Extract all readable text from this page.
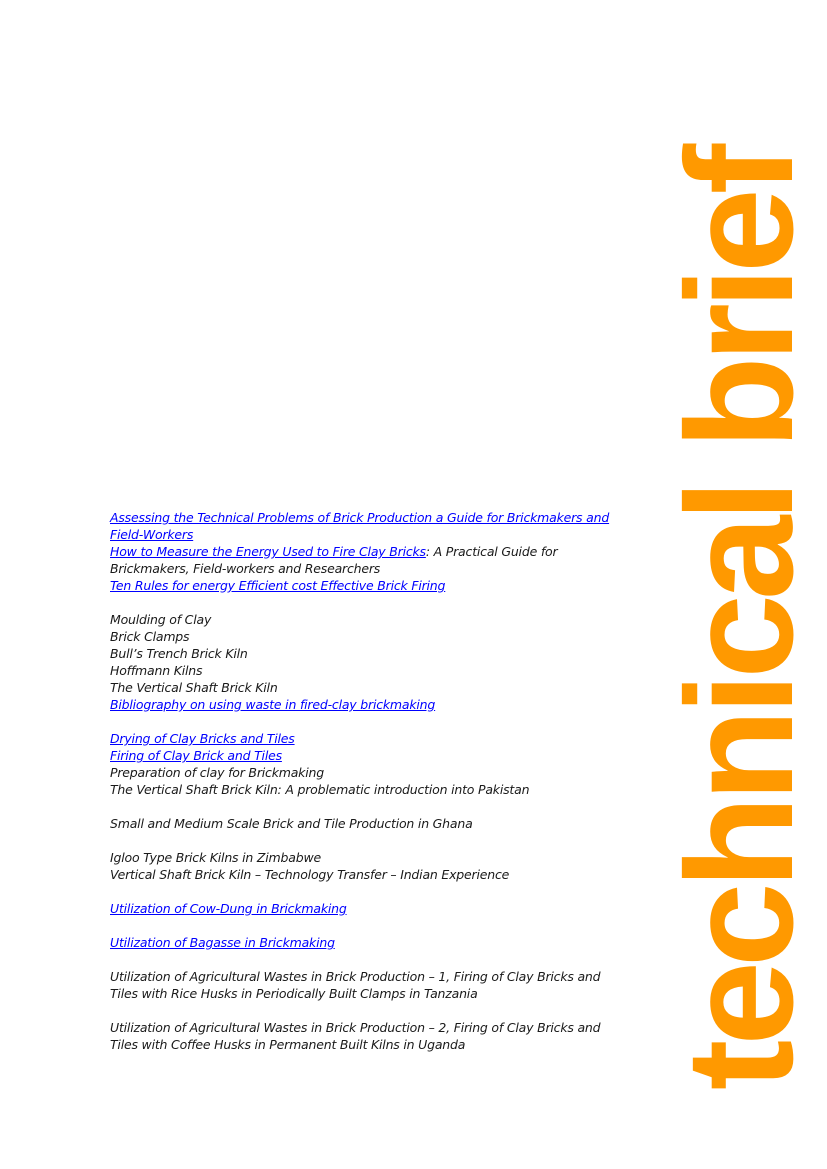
technical brief
Assessing the Technical Problems of Brick Production a Guide for Brickmakers and Field-Workers
How to Measure the Energy Used to Fire Clay Bricks: A Practical Guide for Brickmakers, Field-workers and Researchers
Ten Rules for energy Efficient cost Effective Brick Firing
Moulding of Clay
Brick Clamps
Bull’s Trench Brick Kiln
Hoffmann Kilns
The Vertical Shaft Brick Kiln
Bibliography on using waste in fired-clay brickmaking
Drying of Clay Bricks and Tiles
Firing of Clay Brick and Tiles
Preparation of clay for Brickmaking
The Vertical Shaft Brick Kiln: A problematic introduction into Pakistan
Small and Medium Scale Brick and Tile Production in Ghana
Igloo Type Brick Kilns in Zimbabwe
Vertical Shaft Brick Kiln – Technology Transfer – Indian Experience
Utilization of Cow-Dung in Brickmaking
Utilization of Bagasse in Brickmaking
Utilization of Agricultural Wastes in Brick Production – 1, Firing of Clay Bricks and
Tiles with Rice Husks in Periodically Built Clamps in Tanzania
Utilization of Agricultural Wastes in Brick Production – 2, Firing of Clay Bricks and
Tiles with Coffee Husks in Permanent Built Kilns in Uganda
